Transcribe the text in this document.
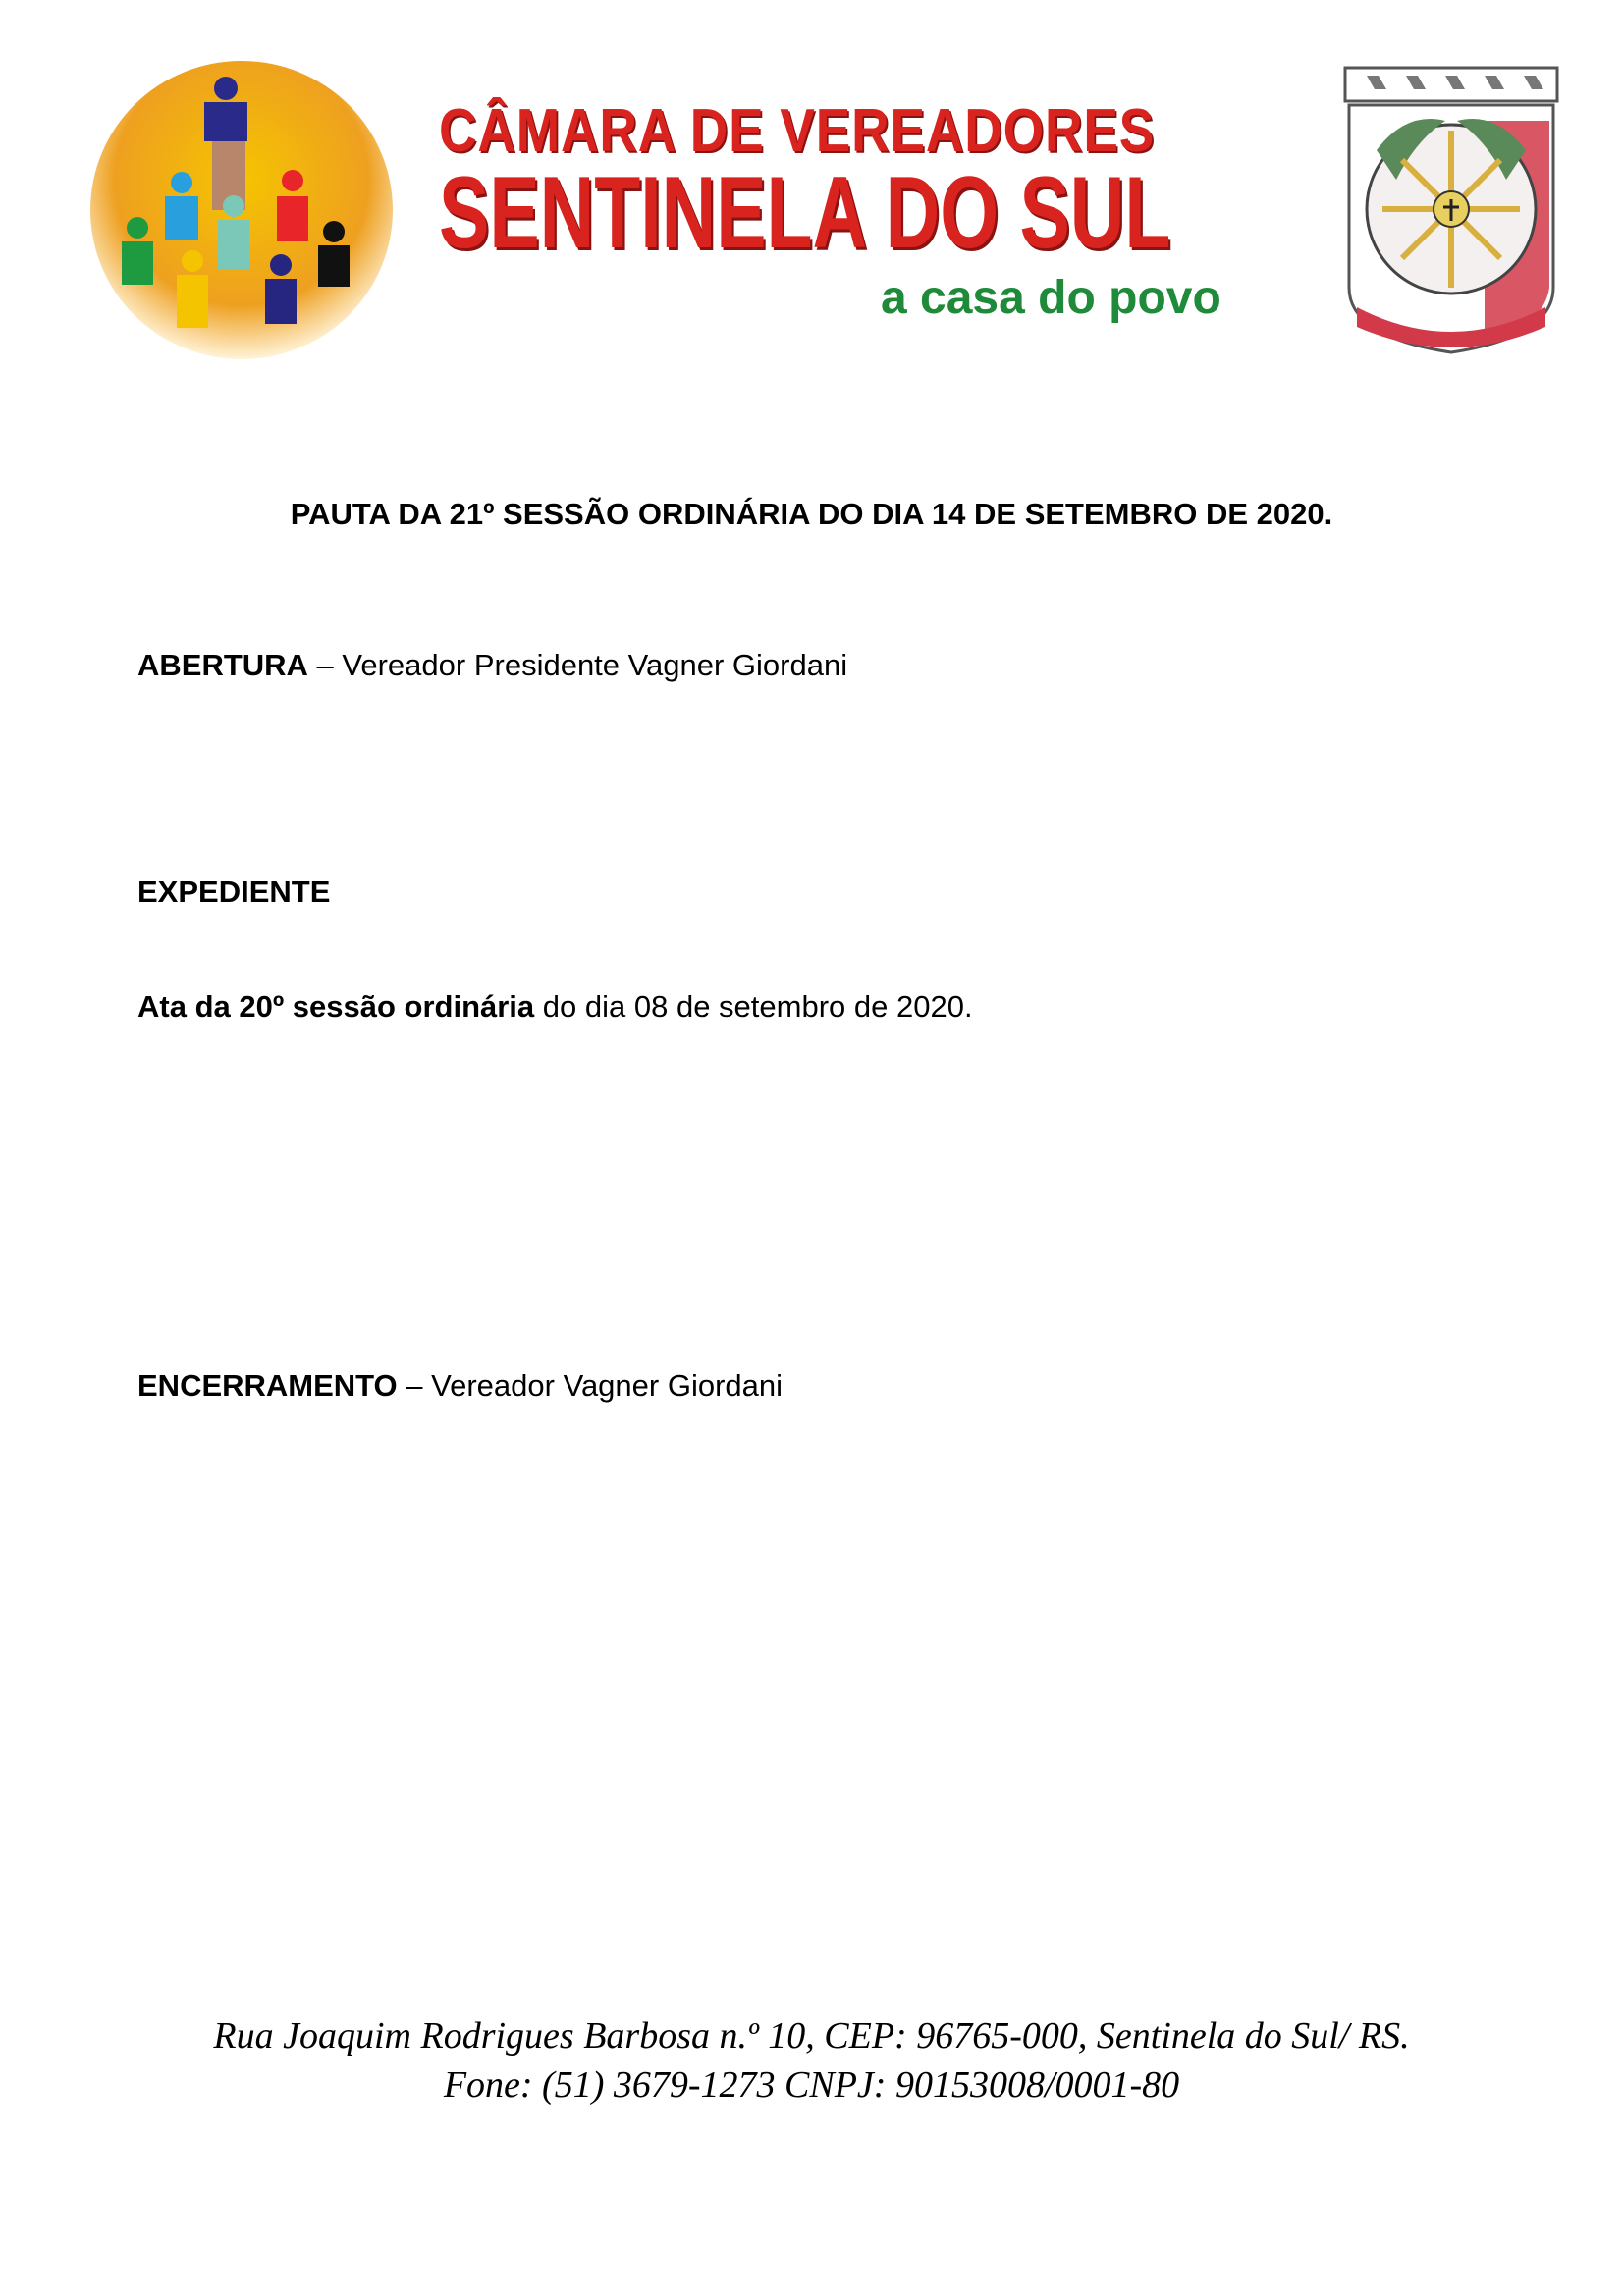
CÂMARA DE VEREADORES
SENTINELA DO SUL
a casa do povo
PAUTA DA 21º SESSÃO ORDINÁRIA DO DIA 14 DE SETEMBRO DE 2020.
ABERTURA – Vereador Presidente Vagner Giordani
EXPEDIENTE
Ata da 20º sessão ordinária do dia 08 de setembro de 2020.
ENCERRAMENTO – Vereador Vagner Giordani
Rua Joaquim Rodrigues Barbosa n.º 10, CEP: 96765-000, Sentinela do Sul/ RS.
Fone: (51) 3679-1273 CNPJ: 90153008/0001-80
